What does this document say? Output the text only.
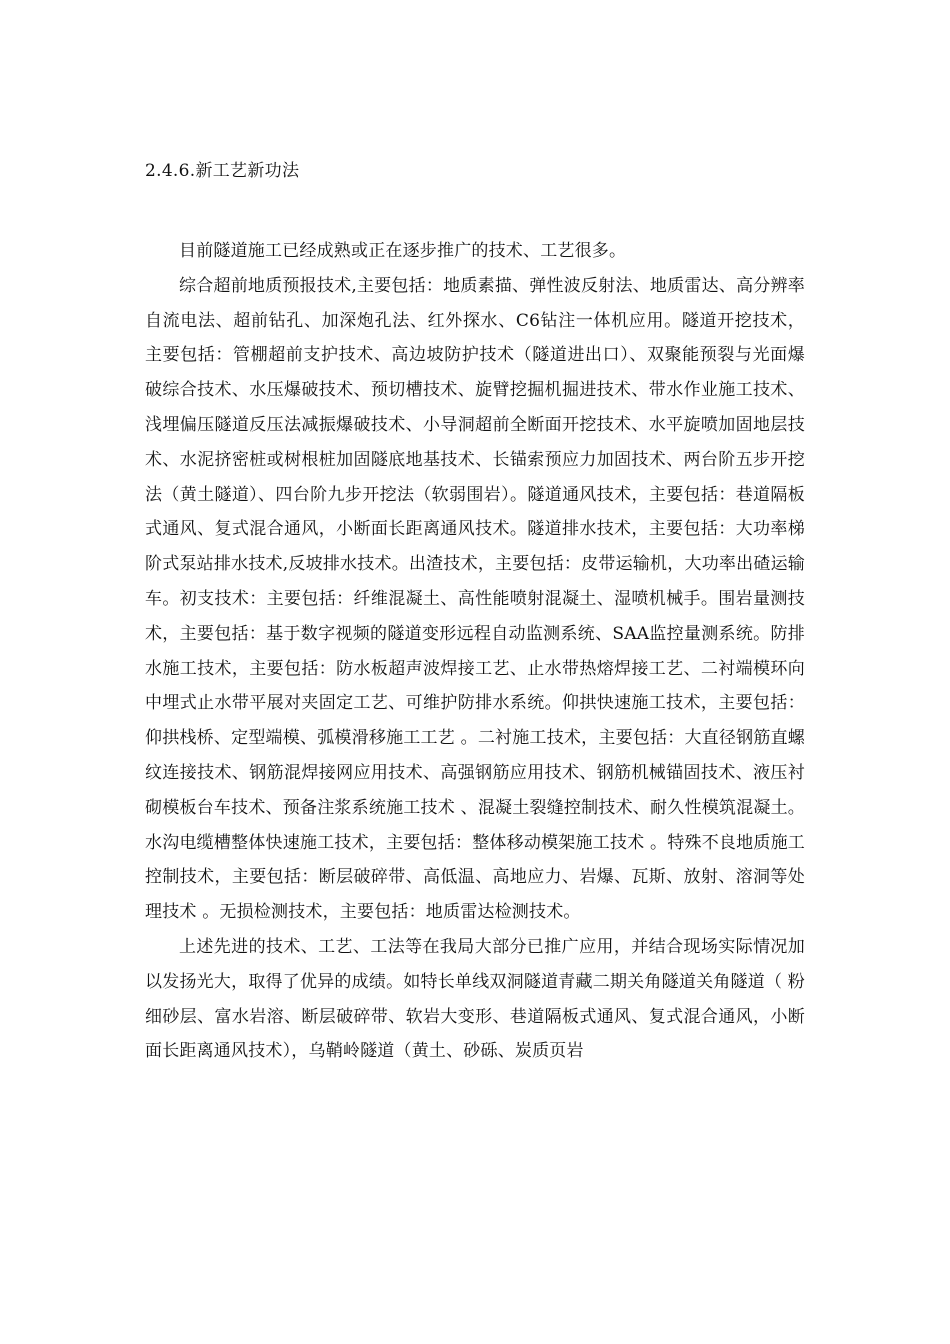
2.4.6.新工艺新功法

目前隧道施工已经成熟或正在逐步推广的技术、工艺很多。

综合超前地质预报技术,主要包括：地质素描、弹性波反射法、地质雷达、高分辨率自流电法、超前钻孔、加深炮孔法、红外探水、C6钻注一体机应用。隧道开挖技术，主要包括：管棚超前支护技术、高边坡防护技术（隧道进出口）、双聚能预裂与光面爆破综合技术、水压爆破技术、预切槽技术、旋臂挖掘机掘进技术、带水作业施工技术、浅埋偏压隧道反压法减振爆破技术、小导洞超前全断面开挖技术、水平旋喷加固地层技术、水泥挤密桩或树根桩加固隧底地基技术、长锚索预应力加固技术、两台阶五步开挖法（黄土隧道）、四台阶九步开挖法（软弱围岩）。隧道通风技术，主要包括：巷道隔板式通风、复式混合通风，小断面长距离通风技术。隧道排水技术，主要包括：大功率梯阶式泵站排水技术,反坡排水技术。出渣技术，主要包括：皮带运输机，大功率出碴运输车。初支技术：主要包括：纤维混凝土、高性能喷射混凝土、湿喷机械手。围岩量测技术，主要包括：基于数字视频的隧道变形远程自动监测系统、SAA监控量测系统。防排水施工技术，主要包括：防水板超声波焊接工艺、止水带热熔焊接工艺、二衬端模环向中埋式止水带平展对夹固定工艺、可维护防排水系统。仰拱快速施工技术，主要包括：仰拱栈桥、定型端模、弧模滑移施工工艺 。二衬施工技术，主要包括：大直径钢筋直螺纹连接技术、钢筋混焊接网应用技术、高强钢筋应用技术、钢筋机械锚固技术、液压衬砌模板台车技术、预备注浆系统施工技术 、混凝土裂缝控制技术、耐久性模筑混凝土。水沟电缆槽整体快速施工技术，主要包括：整体移动模架施工技术 。特殊不良地质施工控制技术，主要包括：断层破碎带、高低温、高地应力、岩爆、瓦斯、放射、溶洞等处理技术 。无损检测技术，主要包括：地质雷达检测技术。

上述先进的技术、工艺、工法等在我局大部分已推广应用，并结合现场实际情况加以发扬光大，取得了优异的成绩。如特长单线双洞隧道青藏二期关角隧道关角隧道（ 粉细砂层、富水岩溶、断层破碎带、软岩大变形、巷道隔板式通风、复式混合通风，小断面长距离通风技术），乌鞘岭隧道（黄土、砂砾、炭质页岩
